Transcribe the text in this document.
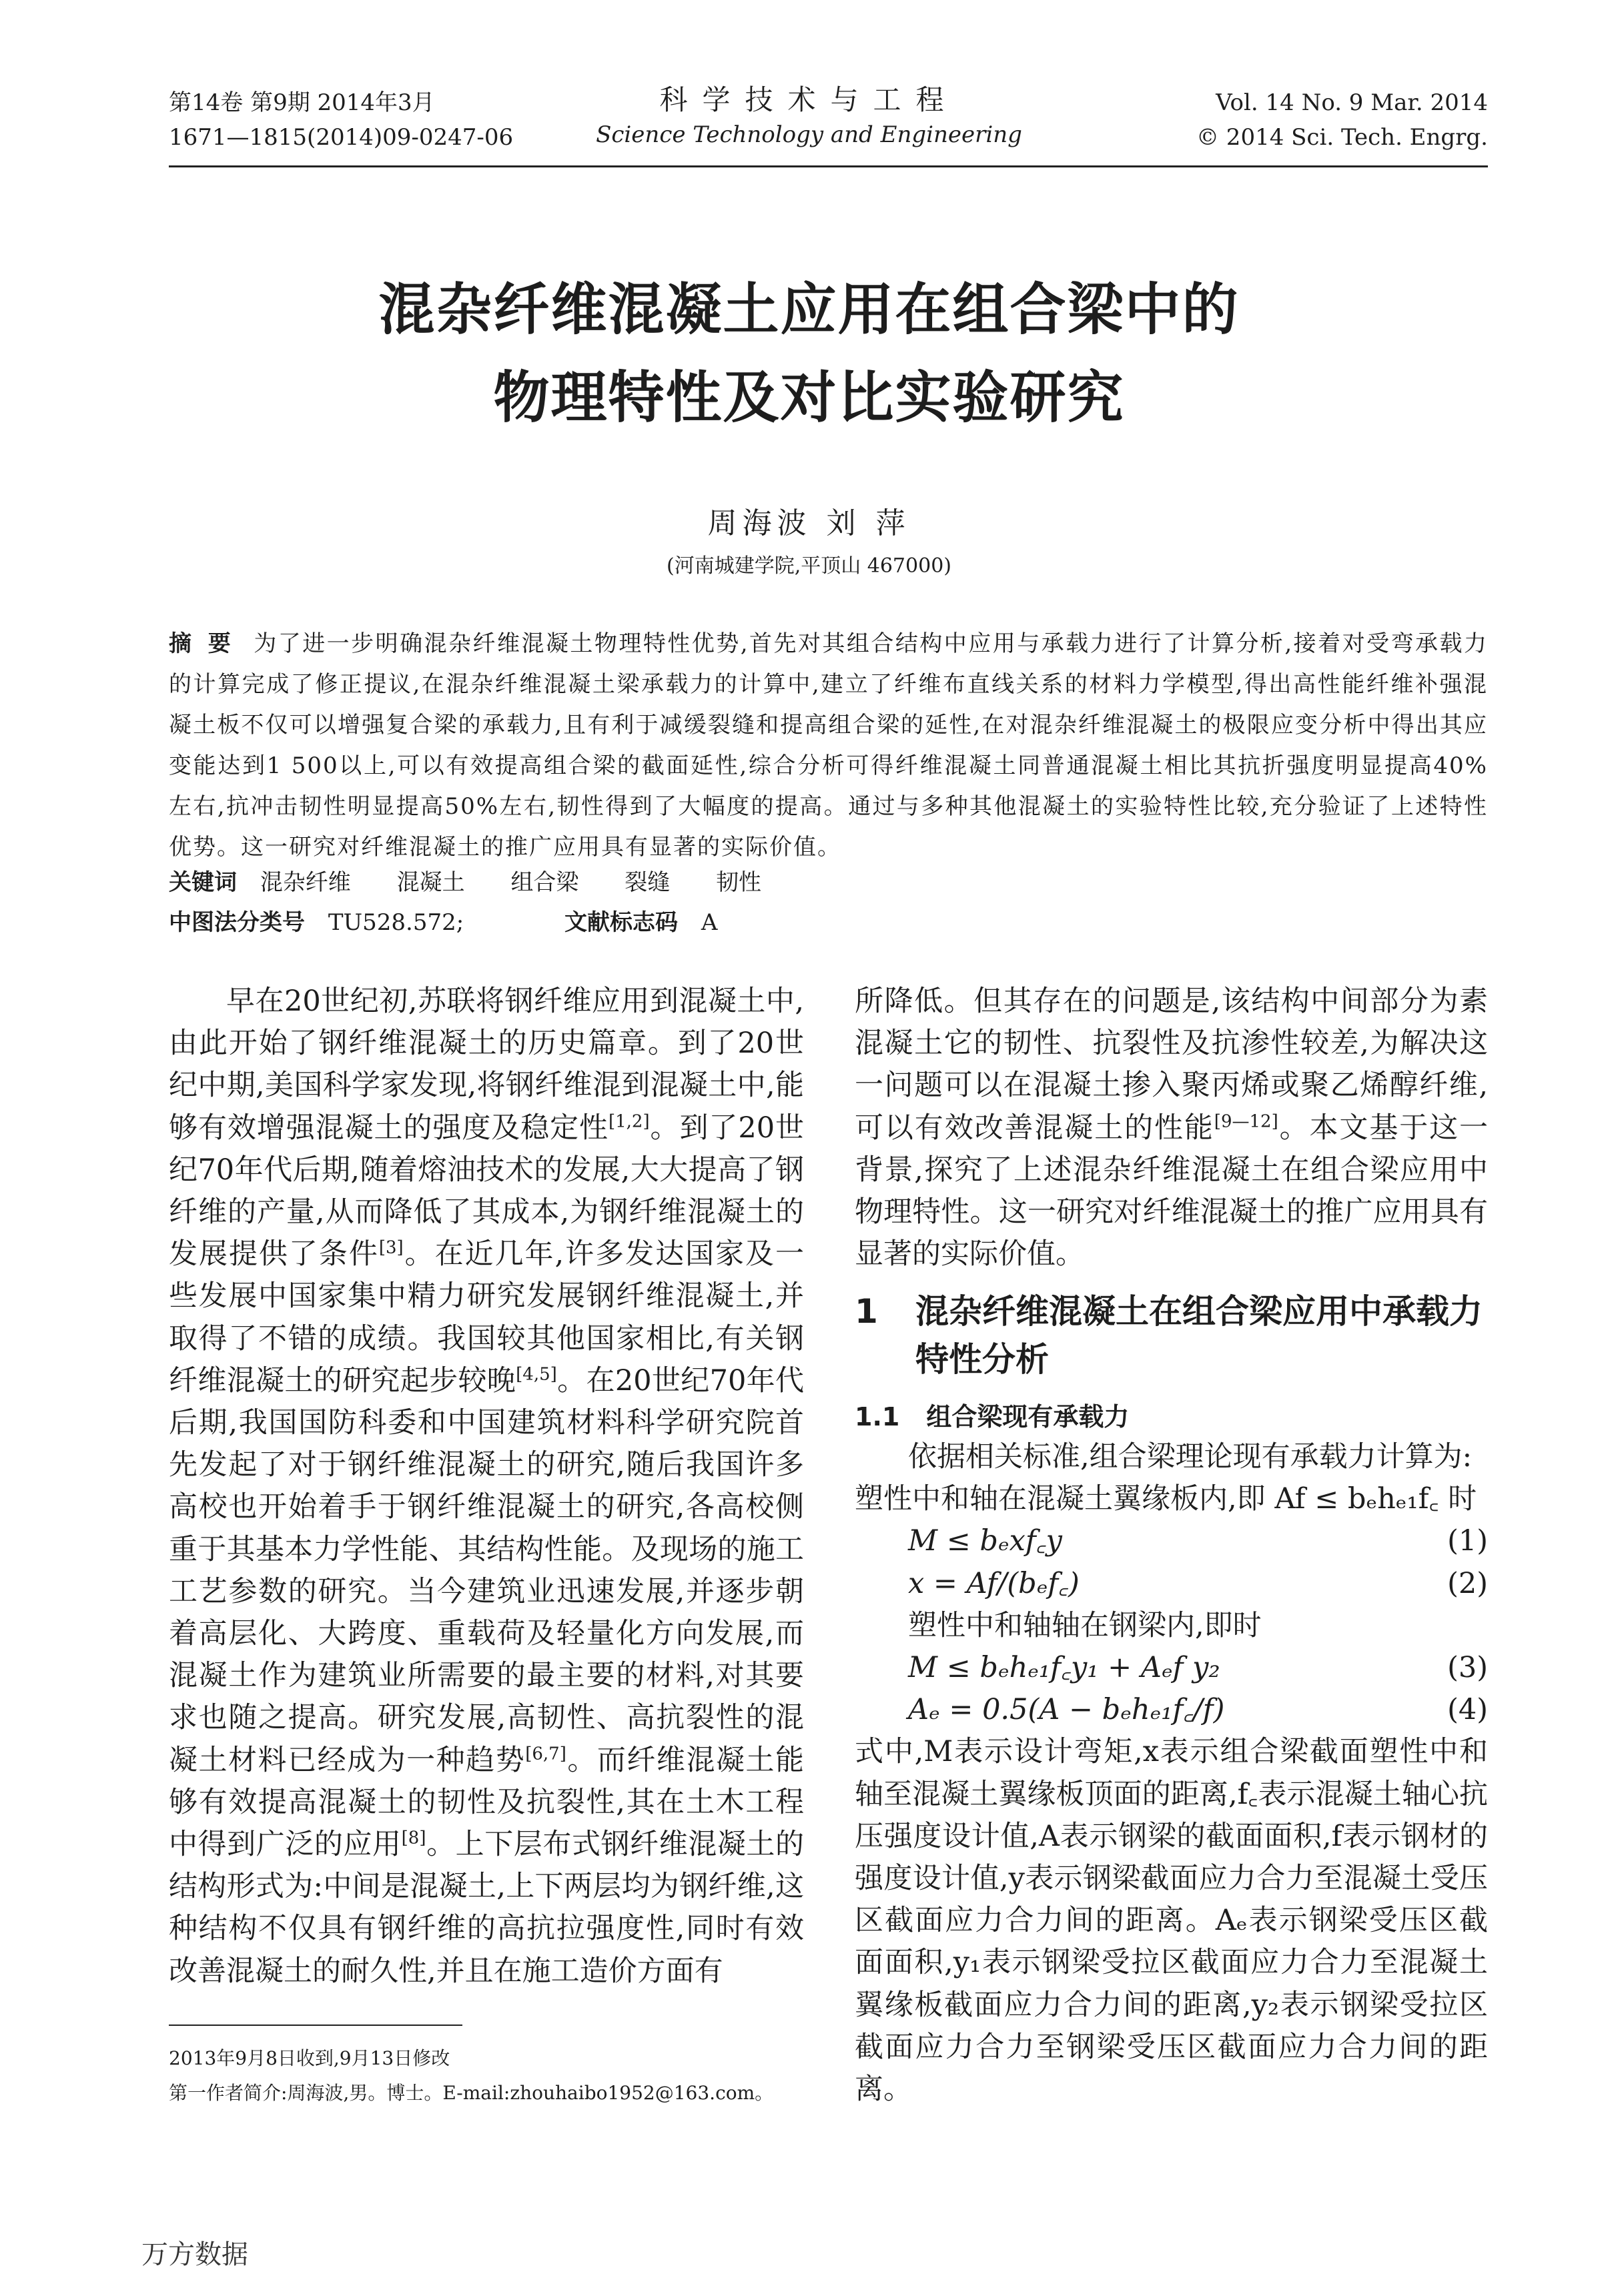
第14卷 第9期 2014年3月
1671—1815(2014)09-0247-06
科学技术与工程
Science Technology and Engineering
Vol. 14 No. 9 Mar. 2014
© 2014 Sci. Tech. Engrg.
混杂纤维混凝土应用在组合梁中的
物理特性及对比实验研究
周海波 刘 萍
(河南城建学院,平顶山 467000)
摘 要 为了进一步明确混杂纤维混凝土物理特性优势,首先对其组合结构中应用与承载力进行了计算分析,接着对受弯承载力的计算完成了修正提议,在混杂纤维混凝土梁承载力的计算中,建立了纤维布直线关系的材料力学模型,得出高性能纤维补强混凝土板不仅可以增强复合梁的承载力,且有利于减缓裂缝和提高组合梁的延性,在对混杂纤维混凝土的极限应变分析中得出其应变能达到1 500以上,可以有效提高组合梁的截面延性,综合分析可得纤维混凝土同普通混凝土相比其抗折强度明显提高40%左右,抗冲击韧性明显提高50%左右,韧性得到了大幅度的提高。通过与多种其他混凝土的实验特性比较,充分验证了上述特性优势。这一研究对纤维混凝土的推广应用具有显著的实际价值。
关键词 混杂纤维 混凝土 组合梁 裂缝 韧性
中图法分类号 TU528.572;	文献标志码 A

早在20世纪初,苏联将钢纤维应用到混凝土中,由此开始了钢纤维混凝土的历史篇章。到了20世纪中期,美国科学家发现,将钢纤维混到混凝土中,能够有效增强混凝土的强度及稳定性[1,2]。到了20世纪70年代后期,随着熔油技术的发展,大大提高了钢纤维的产量,从而降低了其成本,为钢纤维混凝土的发展提供了条件[3]。在近几年,许多发达国家及一些发展中国家集中精力研究发展钢纤维混凝土,并取得了不错的成绩。我国较其他国家相比,有关钢纤维混凝土的研究起步较晚[4,5]。在20世纪70年代后期,我国国防科委和中国建筑材料科学研究院首先发起了对于钢纤维混凝土的研究,随后我国许多高校也开始着手于钢纤维混凝土的研究,各高校侧重于其基本力学性能、其结构性能。及现场的施工工艺参数的研究。当今建筑业迅速发展,并逐步朝着高层化、大跨度、重载荷及轻量化方向发展,而混凝土作为建筑业所需要的最主要的材料,对其要求也随之提高。研究发展,高韧性、高抗裂性的混凝土材料已经成为一种趋势[6,7]。而纤维混凝土能够有效提高混凝土的韧性及抗裂性,其在土木工程中得到广泛的应用[8]。上下层布式钢纤维混凝土的结构形式为:中间是混凝土,上下两层均为钢纤维,这种结构不仅具有钢纤维的高抗拉强度性,同时有效改善混凝土的耐久性,并且在施工造价方面有

所降低。但其存在的问题是,该结构中间部分为素混凝土它的韧性、抗裂性及抗渗性较差,为解决这一问题可以在混凝土掺入聚丙烯或聚乙烯醇纤维,可以有效改善混凝土的性能[9—12]。本文基于这一背景,探究了上述混杂纤维混凝土在组合梁应用中物理特性。这一研究对纤维混凝土的推广应用具有显著的实际价值。

1 混杂纤维混凝土在组合梁应用中承载力特性分析
1.1 组合梁现有承载力

依据相关标准,组合梁理论现有承载力计算为:

塑性中和轴在混凝土翼缘板内,即 Af ≤ bₑhₑ₁f꜀ 时

M ≤ bₑxf꜀y	(1)
x = Af/(bₑf꜀)	(2)

塑性中和轴轴在钢梁内,即时

M ≤ bₑhₑ₁f꜀y₁ + Aₑf y₂	(3)
Aₑ = 0.5(A − bₑhₑ₁f꜀/f)	(4)

式中,M表示设计弯矩,x表示组合梁截面塑性中和轴至混凝土翼缘板顶面的距离,f꜀表示混凝土轴心抗压强度设计值,A表示钢梁的截面面积,f表示钢材的强度设计值,y表示钢梁截面应力合力至混凝土受压区截面应力合力间的距离。Aₑ表示钢梁受压区截面面积,y₁表示钢梁受拉区截面应力合力至混凝土翼缘板截面应力合力间的距离,y₂表示钢梁受拉区截面应力合力至钢梁受压区截面应力合力间的距离。

2013年9月8日收到,9月13日修改
第一作者简介:周海波,男。博士。E-mail:zhouhaibo1952@163.com。
万方数据
